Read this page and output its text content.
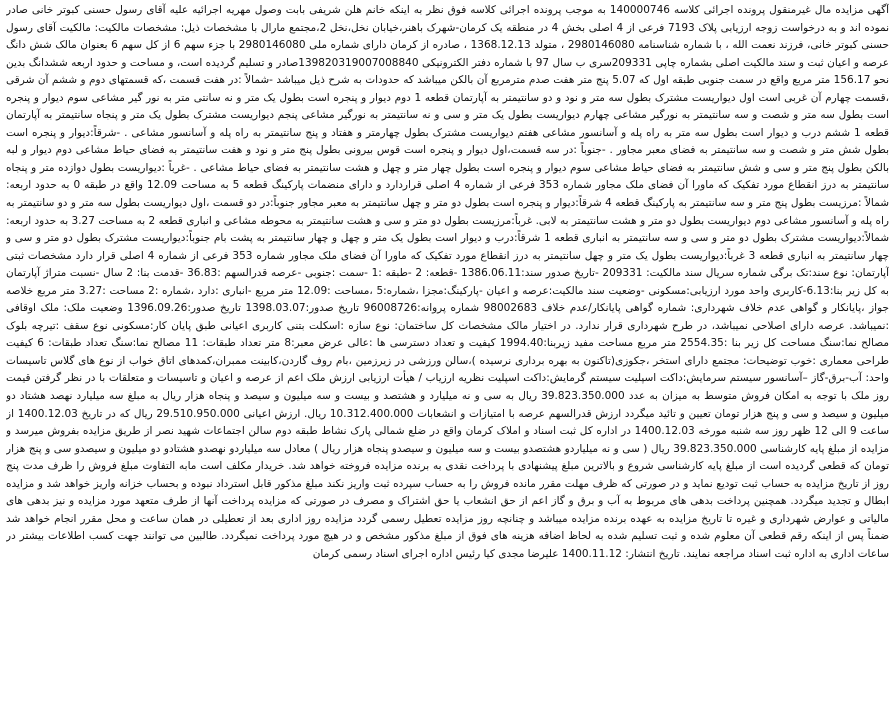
آگهی مزایده مال غیرمنقول پرونده اجرائی کلاسه 140000746 به موجب پرونده اجرائی کلاسه فوق نظر به اینکه خانم هلن شریفی بابت وصول مهریه اجرائیه علیه آقای رسول حسنی کبوتر خانی صادر نموده اند و به درخواست زوجه ارزیابی پلاک 7193 فرعی از 4 اصلی بخش 4 در منطقه یک کرمان-شهرک باهنر،خیابان نخل،نخل 2،مجتمع مارال با مشخصات ذیل: مشخصات مالکیت: مالکیت آقای رسول حسنی کبوتر خانی، فرزند نعمت الله ، با شماره شناسنامه 2980146080 ، متولد 1368.12.13 ، صادره از کرمان دارای شماره ملی 2980146080 با جزء سهم 6 از کل سهم 6 بعنوان مالک شش دانگ عرصه و اعیان ثبت و سند مالکیت اصلی بشماره چاپی 209331سری ب سال 97 با شماره دفتر الکترونیکی 139820319007008840صادر و تسلیم گردیده است، و مساحت و حدود اربعه ششدانگ بدین نحو 156.17 متر مربع واقع در سمت جنوبی طبقه اول که 5.07 پنج متر هفت صدم مترمربع آن بالکن میباشد که حدودات به شرح ذیل میباشد -شمالاً :در هفت قسمت ،که قسمتهای دوم و ششم آن شرقی ،قسمت چهارم آن غربی است اول دیوار‌یست مشترک بطول سه متر و نود و دو سانتیمتر به آپارتمان قطعه 1 دوم دیوار و پنجره است بطول یک متر و نه سانتی متر به نور گیر مشاعی سوم دیوار و پنجره است بطول سه متر و شصت و سه سانتیمتر به نورگیر مشاعی چهارم دیواریست بطول یک متر و سی و نه سانتیمتر به نورگیر مشاعی پنجم دیواریست مشترک بطول یک متر و پنجاه سانتیمتر به آپارتمان قطعه 1 ششم درب و دیوار است بطول سه متر به راه پله و آسانسور مشاعی هفتم دیواریست مشترک بطول چهارمتر و هفتاد و پنج سانتیمتر به راه پله و آسانسور مشاعی . -شرقاً:دیوار و پنجره است بطول شش متر و شصت و سه سانتیمتر به فضای معبر مجاور . -جنوباً :در سه قسمت،اول دیوار و پنجره است قوس بیرونی بطول پنج متر و نود و هفت سانتیمتر به فضای حیاط مشاعی دوم دیوار و لبه بالکن بطول پنج متر و سی و شش سانتیمتر به فضای حیاط مشاعی سوم دیوار و پنجره است بطول چهار متر و چهل و هشت سانتیمتر به فضای حیاط مشاعی . -غرباً :دیواریست بطول دوازده متر و پنجاه سانتیمتر به درز انقطاع مورد تفکیک که ماورا آن فضای ملک مجاور شماره 353 فرعی از شماره 4 اصلی قراردارد و دارای منضمات پارکینگ قطعه 5 به مساحت 12.09 واقع در طبقه 0 به حدود اربعه: شمالاً :مرزیست بطول پنج متر و سه سانتیمتر به پارکینگ قطعه 4 شرقاً:دیوار و پنجره است بطول دو متر و چهل سانتیمتر به معبر مجاور جنوباً:در دو قسمت ،اول دیواریست بطول سه متر و دو سانتیمتر به راه پله و آسانسور مشاعی دوم دیواریست بطول دو متر و هشت سانتیمتر به لابی. غرباً:مرزیست بطول دو متر و سی و هشت سانتیمتر به محوطه مشاعی و انباری قطعه 2 به مساحت 3.27 به حدود اربعه: شمالاً:دیواریست مشترک بطول دو متر و سی و سه سانتیمتر به انباری قطعه 1 شرقاً:درب و دیوار است بطول یک متر و چهل و چهار سانتیمتر به پشت بام جنوباً:دیواریست مشترک بطول دو متر و سی و چهار سانتیمتر به انباری قطعه 3 غرباً:دیواریست بطول یک متر و چهل سانتیمتر به درز انقطاع مورد تفکیک که ماورا آن فضای ملک مجاور شماره 353 فرعی از شماره 4 اصلی قرار دارد مشخصات ثبتی آپارتمان: نوع سند:تک برگی شماره سریال سند مالکیت: 209331 -تاریخ صدور سند:1386.06.11 -قطعه: 2 -طبقه :1 -سمت :جنوبی -عرصه قدرالسهم :36.83 -قدمت بنا: 2 سال -نسبت متراژ آپارتمان به کل زیر بنا:6.13-کاربری واحد مورد ارزیابی:مسکونی -وضعیت سند مالکیت:عرصه و اعیان -پارکینگ:مجزا ،شماره:5 ،مساحت :12.09 متر مربع -انباری :دارد ،شماره :2 مساحت :3.27 متر مربع خلاصه جواز ،پایانکار و گواهی عدم خلاف شهرداری: شماره گواهی پایانکار/عدم خلاف 98002683 شماره پروانه:96008726 تاریخ صدور:1398.03.07 تاریخ صدور:1396.09.26 وضعیت ملک: ملک اوقافی :نمیباشد. عرصه دارای اصلاحی نمیباشد، در طرح شهرداری قرار ندارد. در اختیار مالک مشخصات کل ساختمان: نوع سازه :اسکلت بتنی کاربری اعیانی طبق پایان کار:مسکونی نوع سقف :تیرچه بلوک مصالح نما:سنگ مساحت کل زیر بنا :2554.35 متر مربع مساحت مفید زیربنا:1994.40 کیفیت و تعداد دسترسی ها :عالی عرض معبر:8 متر تعداد طبقات: 11 مصالح نما:سنگ تعداد طبقات: 6 کیفیت طراحی معماری :خوب توضیحات: مجتمع دارای استخر ،جکوزی(تاکنون به بهره برداری نرسیده )،سالن ورزشی در زیرزمین ،بام روف گاردن،کابینت ممبران،کمدهای اتاق خواب از نوع های گلاس تاسیسات واحد: آب-برق-گاز –آسانسور سیستم سرمایش:داکت اسپلیت سیستم گرمایش:داکت اسپلیت نظریه ارزیاب / هیأت ارزیابی ارزش ملک اعم از عرصه و اعیان و تاسیسات و متعلقات با در نظر گرفتن قیمت روز ملک با توجه به امکان فروش متوسط به میزان به عدد 39.823.350.000 ریال به سی و نه میلیارد و هشتصد و بیست و سه میلیون و سیصد و پنجاه هزار ریال به مبلغ سه میلیارد نهصد هشتاد دو میلیون و سیصد و سی و پنج هزار تومان تعیین و تائید میگردد ارزش قدرالسهم عرصه با امتیازات و انشعابات 10.312.400.000 ریال. ارزش اعیانی 29.510.950.000 ریال که در تاریخ 1400.12.03 از ساعت 9 الی 12 ظهر روز سه شنبه مورخه 1400.12.03 در اداره کل ثبت اسناد و املاک کرمان واقع در ضلع شمالی پارک نشاط طبقه دوم سالن اجتماعات شهید نصر از طریق مزایده بفروش میرسد و مزایده از مبلغ پایه کارشناسی 39.823.350.000 ریال ( سی و نه میلیاردو هشتصدو بیست و سه میلیون و سیصدو پنجاه هزار ریال ) معادل سه میلیاردو نهصدو هشتادو دو میلیون و سیصدو سی و پنج هزار تومان که قطعی گردیده است از مبلغ پایه کارشناسی شروع و بالاترین مبلغ پیشنهادی با پرداخت نقدی به برنده مزایده فروخته خواهد شد. خریدار مکلف است مابه التفاوت مبلغ فروش را ظرف مدت پنج روز از تاریخ مزایده به حساب ثبت تودیع نماید و در صورتی که ظرف مهلت مقرر مانده فروش را به حساب سپرده ثبت واریز نکند مبلغ مذکور قابل استرداد نبوده و بحساب خزانه واریز خواهد شد و مزایده ابطال و تجدید میگردد. همچنین پرداخت بدهی های مربوط به آب و برق و گاز اعم از حق انشعاب یا حق اشتراک و مصرف در صورتی که مزایده پرداخت آنها از طرف متعهد مورد مزایده و نیز بدهی های مالیاتی و عوارض شهرداری و غیره تا تاریخ مزایده به عهده برنده مزایده میباشد و چنانچه روز مزایده تعطیل رسمی گردد مزایده روز اداری بعد از تعطیلی در همان ساعت و محل مقرر انجام خواهد شد ضمناً پس از اینکه رقم قطعی آن معلوم شده و ثبت تسلیم شده به لحاظ اضافه هزینه های فوق از مبلغ مذکور مشخص و در هیچ مورد پرداخت نمیگردد. طالبین می توانند جهت کسب اطلاعات بیشتر در ساعات اداری به اداره ثبت اسناد مراجعه نمایند. تاریخ انتشار: 1400.11.12 علیرضا مجدی کیا رئیس اداره اجرای اسناد رسمی کرمان
